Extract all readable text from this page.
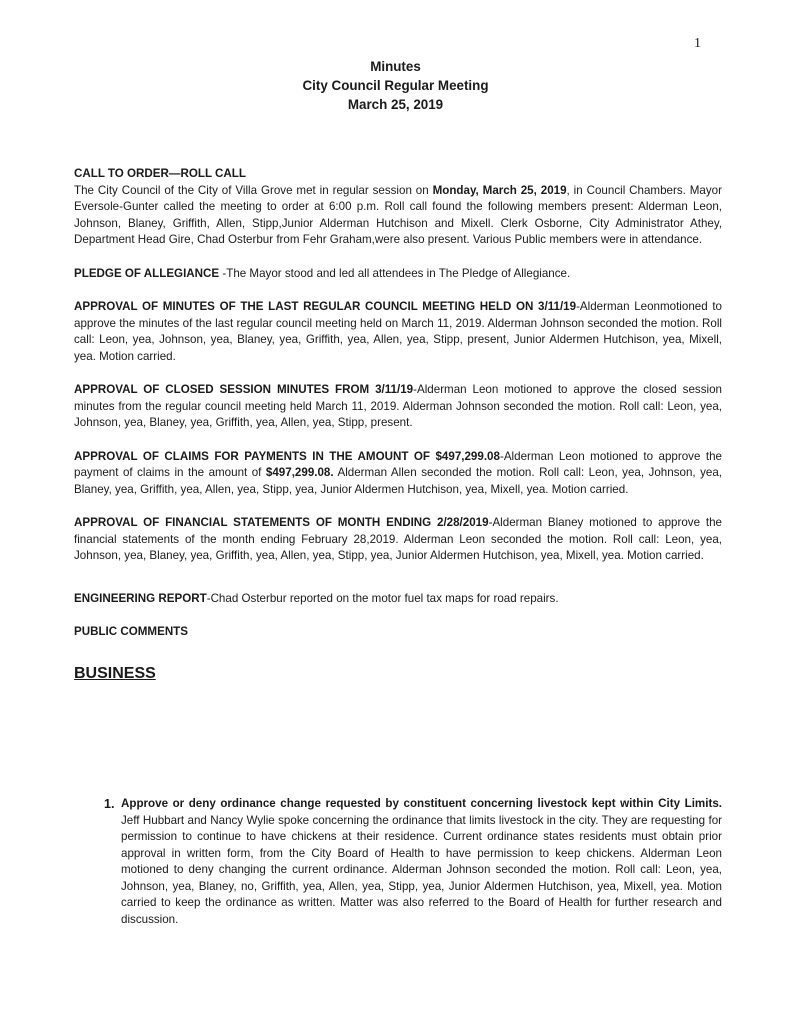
1
Minutes
City Council Regular Meeting
March 25, 2019
CALL TO ORDER—ROLL CALL

The City Council of the City of Villa Grove met in regular session on Monday, March 25, 2019, in Council Chambers. Mayor Eversole-Gunter called the meeting to order at 6:00 p.m. Roll call found the following members present: Alderman Leon, Johnson, Blaney, Griffith, Allen, Stipp,Junior Alderman Hutchison and Mixell. Clerk Osborne, City Administrator Athey, Department Head Gire, Chad Osterbur from Fehr Graham,were also present. Various Public members were in attendance.

PLEDGE OF ALLEGIANCE -The Mayor stood and led all attendees in The Pledge of Allegiance.

APPROVAL OF MINUTES OF THE LAST REGULAR COUNCIL MEETING HELD ON 3/11/19-Alderman Leonmotioned to approve the minutes of the last regular council meeting held on March 11, 2019. Alderman Johnson seconded the motion. Roll call: Leon, yea, Johnson, yea, Blaney, yea, Griffith, yea, Allen, yea, Stipp, present, Junior Aldermen Hutchison, yea, Mixell, yea. Motion carried.

APPROVAL OF CLOSED SESSION MINUTES FROM 3/11/19-Alderman Leon motioned to approve the closed session minutes from the regular council meeting held March 11, 2019. Alderman Johnson seconded the motion. Roll call: Leon, yea, Johnson, yea, Blaney, yea, Griffith, yea, Allen, yea, Stipp, present.

APPROVAL OF CLAIMS FOR PAYMENTS IN THE AMOUNT OF $497,299.08-Alderman Leon motioned to approve the payment of claims in the amount of $497,299.08. Alderman Allen seconded the motion. Roll call: Leon, yea, Johnson, yea, Blaney, yea, Griffith, yea, Allen, yea, Stipp, yea, Junior Aldermen Hutchison, yea, Mixell, yea. Motion carried.

APPROVAL OF FINANCIAL STATEMENTS OF MONTH ENDING 2/28/2019-Alderman Blaney motioned to approve the financial statements of the month ending February 28,2019. Alderman Leon seconded the motion. Roll call: Leon, yea, Johnson, yea, Blaney, yea, Griffith, yea, Allen, yea, Stipp, yea, Junior Aldermen Hutchison, yea, Mixell, yea. Motion carried.

ENGINEERING REPORT-Chad Osterbur reported on the motor fuel tax maps for road repairs.

PUBLIC COMMENTS
BUSINESS
1. Approve or deny ordinance change requested by constituent concerning livestock kept within City Limits. Jeff Hubbart and Nancy Wylie spoke concerning the ordinance that limits livestock in the city. They are requesting for permission to continue to have chickens at their residence. Current ordinance states residents must obtain prior approval in written form, from the City Board of Health to have permission to keep chickens. Alderman Leon motioned to deny changing the current ordinance. Alderman Johnson seconded the motion. Roll call: Leon, yea, Johnson, yea, Blaney, no, Griffith, yea, Allen, yea, Stipp, yea, Junior Aldermen Hutchison, yea, Mixell, yea. Motion carried to keep the ordinance as written. Matter was also referred to the Board of Health for further research and discussion.
